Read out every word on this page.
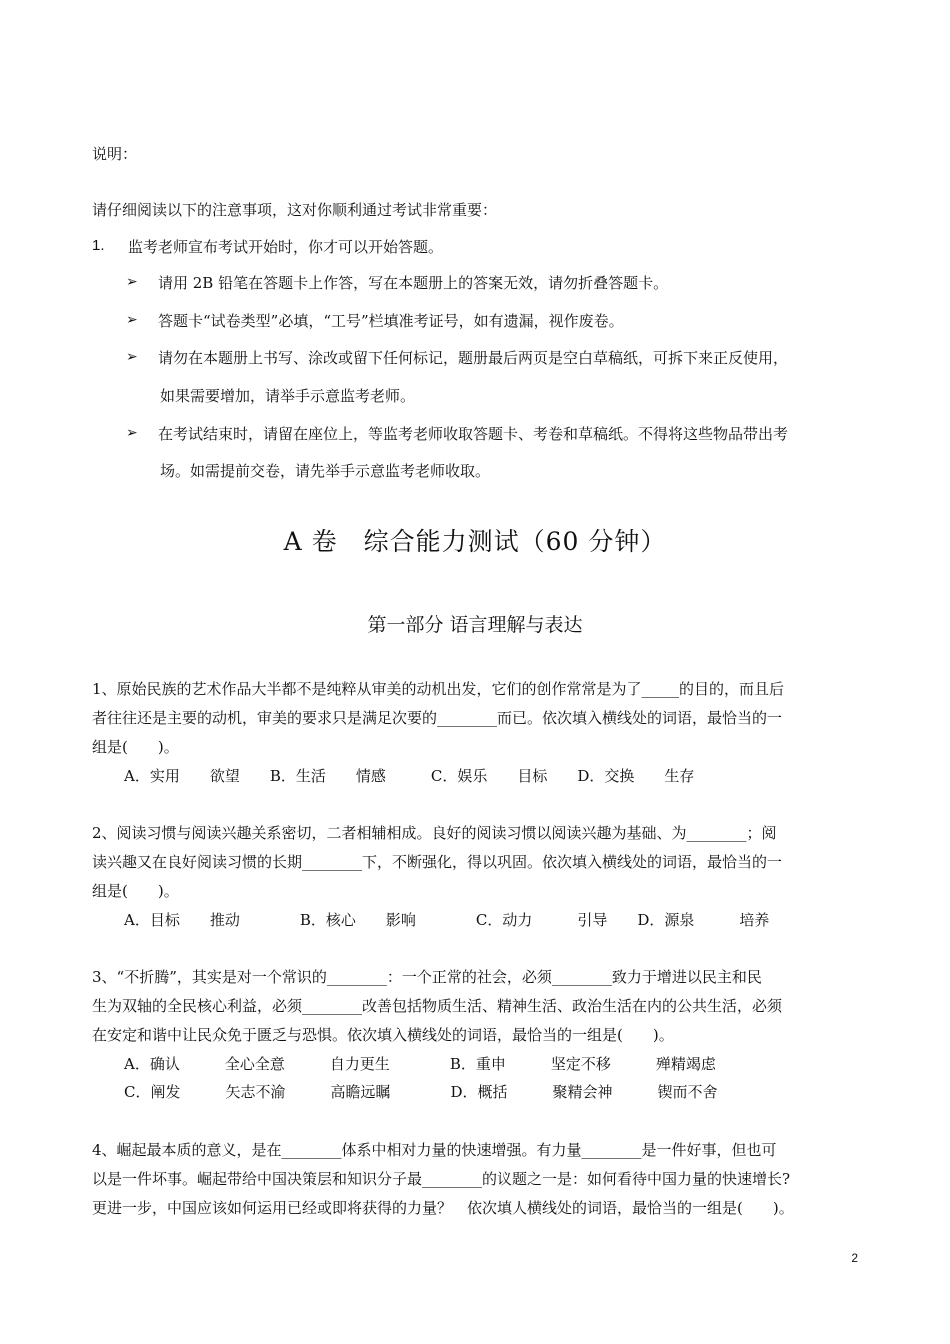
说明：
请仔细阅读以下的注意事项，这对你顺利通过考试非常重要：
1. 监考老师宣布考试开始时，你才可以开始答题。
➢ 请用 2B 铅笔在答题卡上作答，写在本题册上的答案无效，请勿折叠答题卡。
➢ 答题卡“试卷类型”必填，“工号”栏填准考证号，如有遗漏，视作废卷。
➢ 请勿在本题册上书写、涂改或留下任何标记，题册最后两页是空白草稿纸，可拆下来正反使用，
如果需要增加，请举手示意监考老师。
➢ 在考试结束时，请留在座位上，等监考老师收取答题卡、考卷和草稿纸。不得将这些物品带出考
场。如需提前交卷，请先举手示意监考老师收取。
A 卷　综合能力测试（60 分钟）
第一部分 语言理解与表达
1、原始民族的艺术作品大半都不是纯粹从审美的动机出发，它们的创作常常是为了_____的目的，而且后
者往往还是主要的动机，审美的要求只是满足次要的________而已。依次填入横线处的词语，最恰当的一
组是(　　)。
A．实用　　欲望　　B．生活　　情感　　　C．娱乐　　目标　　D．交换　　生存
2、阅读习惯与阅读兴趣关系密切，二者相辅相成。良好的阅读习惯以阅读兴趣为基础、为________；阅
读兴趣又在良好阅读习惯的长期________下，不断强化，得以巩固。依次填入横线处的词语，最恰当的一
组是(　　)。
A．目标　　推动　　　　B．核心　　影响　　　　C．动力　　　引导　　D．源泉　　　培养
3、“不折腾”，其实是对一个常识的________：一个正常的社会，必须________致力于增进以民主和民
生为双轴的全民核心利益，必须________改善包括物质生活、精神生活、政治生活在内的公共生活，必须
在安定和谐中让民众免于匮乏与恐惧。依次填入横线处的词语，最恰当的一组是(　　)。
A．确认　　　全心全意　　　自力更生　　　　B．重申　　　坚定不移　　　殚精竭虑
C．阐发　　　矢志不渝　　　高瞻远瞩　　　　D．概括　　　聚精会神　　　锲而不舍
4、崛起最本质的意义，是在________体系中相对力量的快速增强。有力量________是一件好事，但也可
以是一件坏事。崛起带给中国决策层和知识分子最________的议题之一是：如何看待中国力量的快速增长?
更进一步，中国应该如何运用已经或即将获得的力量？　依次填人横线处的词语，最恰当的一组是(　　)。
2
